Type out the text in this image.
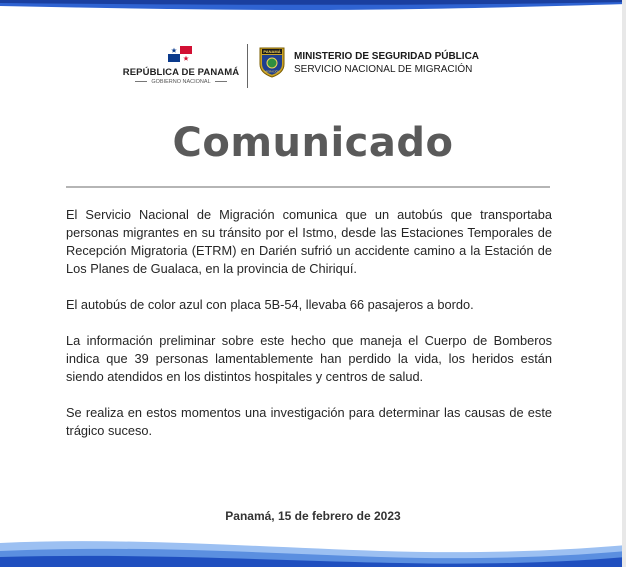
REPÚBLICA DE PANAMÁ
GOBIERNO NACIONAL
PANAMÁ
MIGRACIÓN
MINISTERIO DE SEGURIDAD PÚBLICA
SERVICIO NACIONAL DE MIGRACIÓN
Comunicado

El Servicio Nacional de Migración comunica que un autobús que transportaba personas migrantes en su tránsito por el Istmo, desde las Estaciones Temporales de Recepción Migratoria (ETRM) en Darién sufrió un accidente camino a la Estación de Los Planes de Gualaca, en la provincia de Chiriquí.

El autobús de color azul con placa 5B-54, llevaba 66 pasajeros a bordo.

La información preliminar sobre este hecho que maneja el Cuerpo de Bomberos indica que 39 personas lamentablemente han perdido la vida, los heridos están siendo atendidos en los distintos hospitales y centros de salud.

Se realiza en estos momentos una investigación para determinar las causas de este trágico suceso.

Panamá, 15 de febrero de 2023
